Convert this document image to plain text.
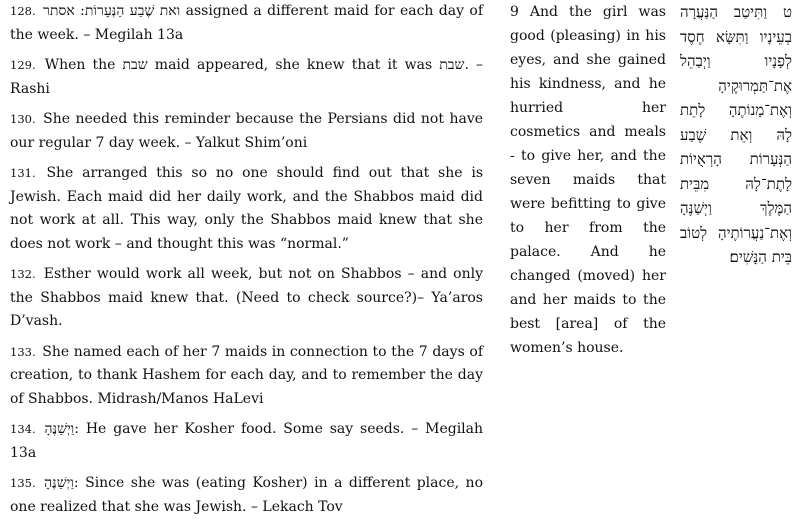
128. ואת שֶׁבַע הַנְּעָרוֹת: אסתר assigned a different maid for each day of the week. – Megilah 13a

129. When the שבת maid appeared, she knew that it was שבת. – Rashi

130. She needed this reminder because the Persians did not have our regular 7 day week. – Yalkut Shim’oni

131. She arranged this so no one should find out that she is Jewish. Each maid did her daily work, and the Shabbos maid did not work at all. This way, only the Shabbos maid knew that she does not work – and thought this was “normal.”

132. Esther would work all week, but not on Shabbos – and only the Shabbos maid knew that. (Need to check source?)– Ya’aros D’vash.

133. She named each of her 7 maids in connection to the 7 days of creation, to thank Hashem for each day, and to remember the day of Shabbos. Midrash/Manos HaLevi

134. וַיְשַׁנֶּהָ: He gave her Kosher food. Some say seeds. – Megilah 13a

135. וַיְשַׁנֶּהָ: Since she was (eating Kosher) in a different place, no one realized that she was Jewish. – Lekach Tov

9 And the girl was good (pleasing) in his eyes, and she gained his kindness, and he hurried her cosmetics and meals - to give her, and the seven maids that were befitting to give to her from the palace. And he changed (moved) her and her maids to the best [area] of the women’s house.
ט וַתִּיטַב הַנַּעֲרָה בְעֵינָיו וַתִּשָּׂא חֶסֶד לְפָנָיו וַיְבַהֵל אֶת־תַּמְרוּקֶיהָ וְאֶת־מָנוֹתֶהָ לָתֵת לָהּ וְאֵת שֶׁבַע הַנְּעָרוֹת הָרְאֻיוֹת לָתֶת־לָהּ מִבֵּית הַמֶּלֶךְ וַיְשַׁנֶּהָ וְאֶת־נַעֲרוֹתֶיהָ לְטוֹב בֵּית הַנָּשִׁים׃
